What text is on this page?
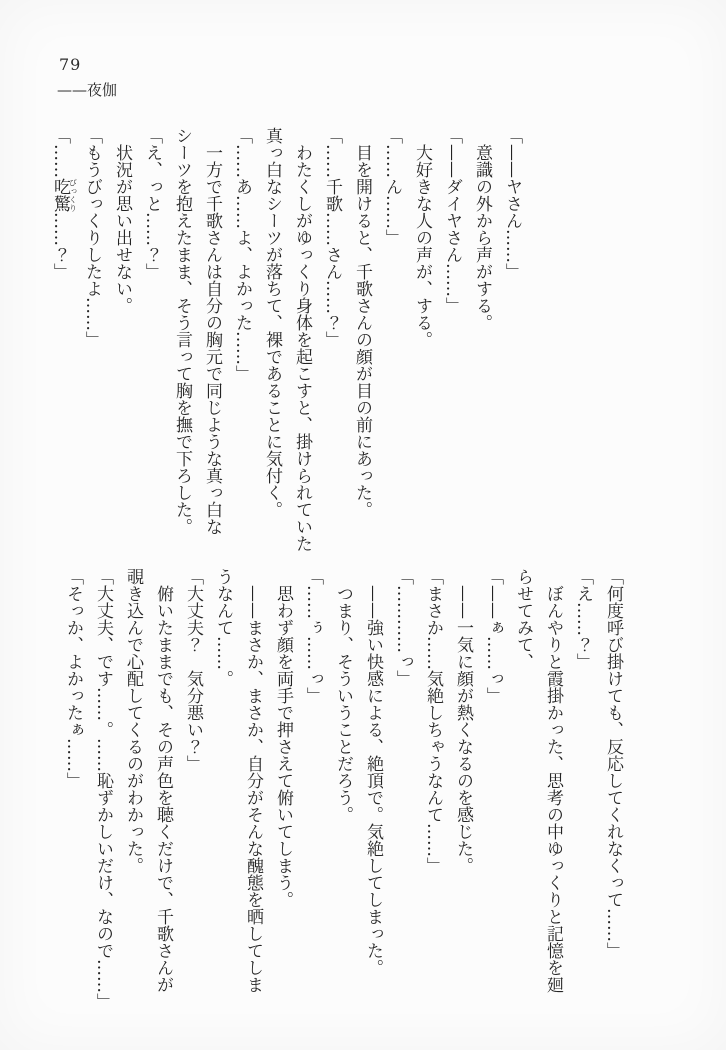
79
——夜伽

「——ヤさん……」

　意識の外から声がする。

「——ダイヤさん……」

　大好きな人の声が、する。

「……ん……」

　目を開けると、千歌さんの顔が目の前にあった。

「……千歌……さん……？」

　わたくしがゆっくり身体を起こすと、掛けられていた

真っ白なシーツが落ちて、裸であることに気付く。

「……あ……よ、よかった……」

　一方で千歌さんは自分の胸元で同じような真っ白な

シーツを抱えたまま、そう言って胸を撫で下ろした。

「え、っと……？」

　状況が思い出せない。

「もうびっくりしたよ……」

「……吃驚びっくり……？」

「何度呼び掛けても、反応してくれなくって……」

「え……？」

　ぼんやりと霞掛かった、思考の中ゆっくりと記憶を廻

らせてみて、

「——ぁ……っ」

　——一気に顔が熱くなるのを感じた。

「まさか……気絶しちゃうなんて……」

「…………っ」

　——強い快感による、絶頂で。気絶してしまった。

　つまり、そういうことだろう。

「……ぅ……っ」

　思わず顔を両手で押さえて俯いてしまう。

　——まさか、まさか、自分がそんな醜態を晒してしま

うなんて……。

「大丈夫？　気分悪い？」

　俯いたままでも、その声色を聴くだけで、千歌さんが

覗き込んで心配してくるのがわかった。

「大丈夫、です……。……恥ずかしいだけ、なので……」

「そっか、よかったぁ……」
